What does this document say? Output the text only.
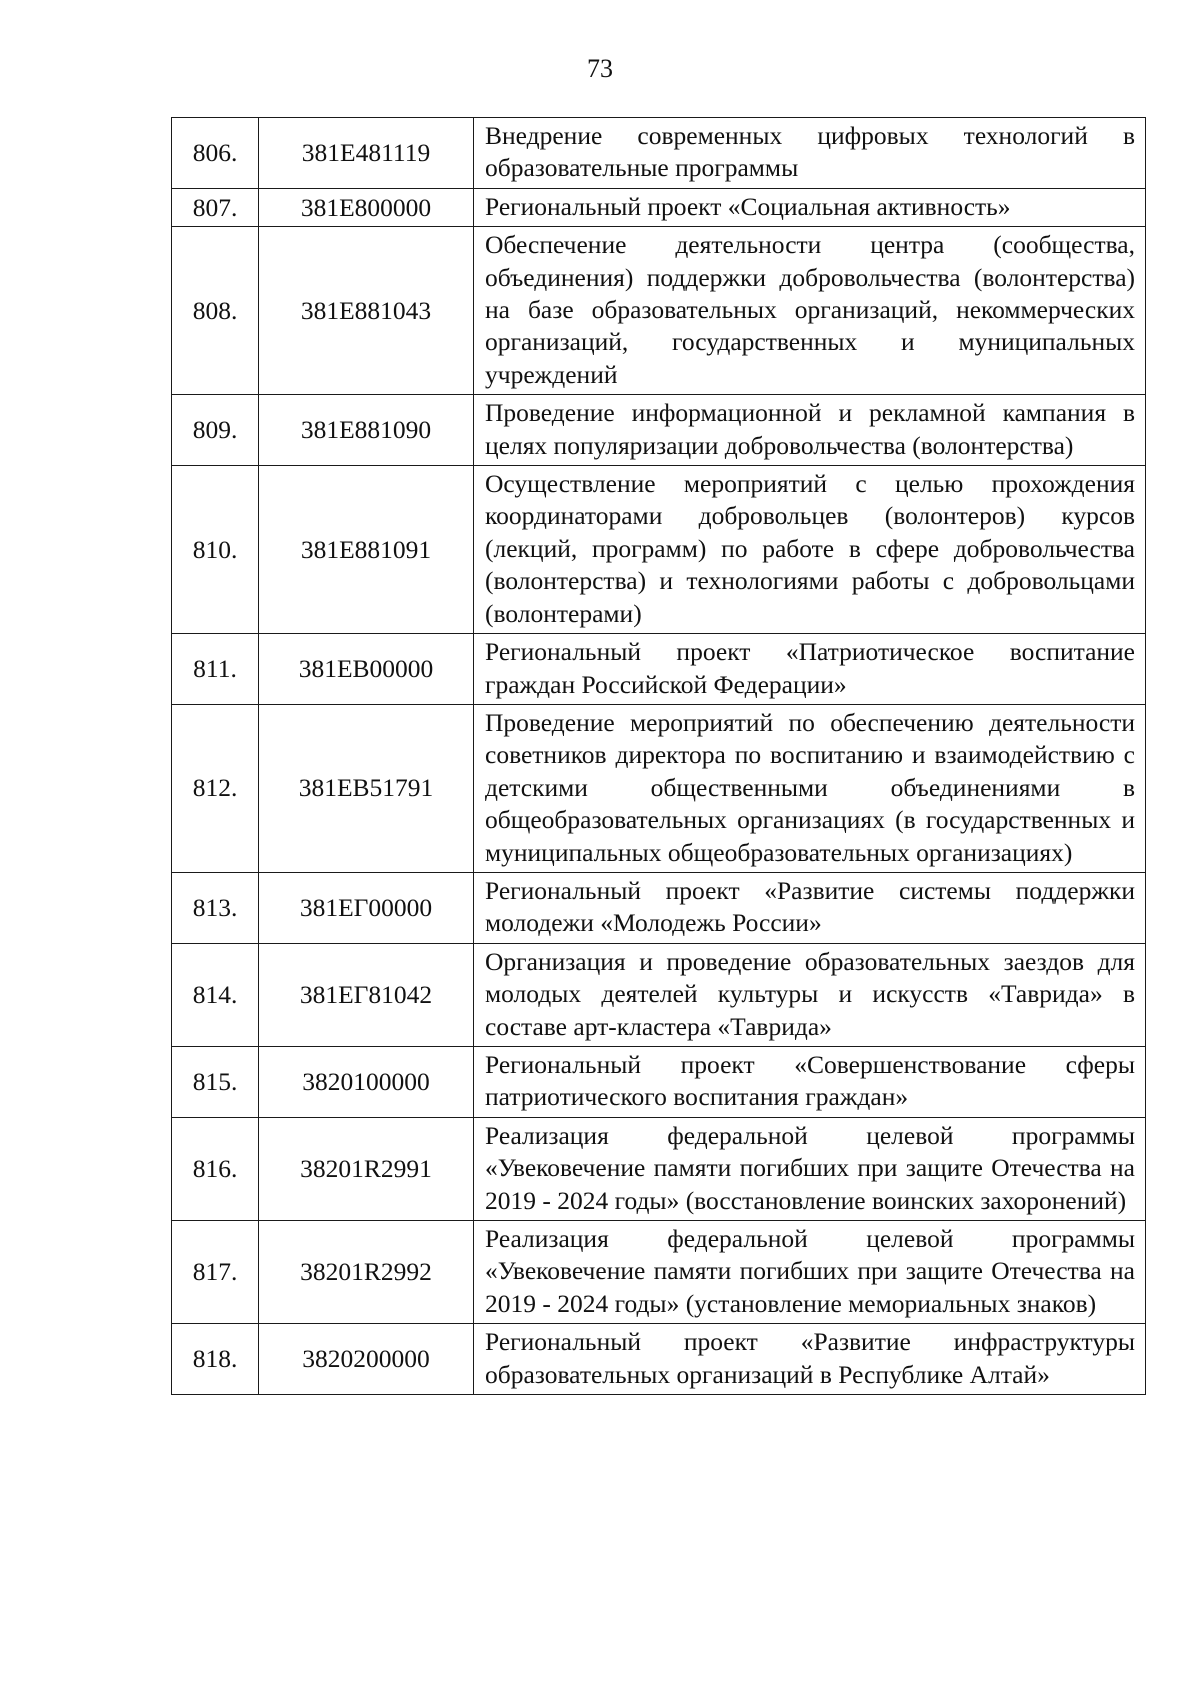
73
806.	381E481119	Внедрение современных цифровых технологий в образовательные программы

807.	381E800000	Региональный проект «Социальная активность»

808.	381E881043	Обеспечение деятельности центра (сообщества, объединения) поддержки добровольчества (волонтерства) на базе образовательных организаций, некоммерческих организаций, государственных и муниципальных учреждений

809.	381E881090	Проведение информационной и рекламной кампания в целях популяризации добровольчества (волонтерства)

810.	381E881091	Осуществление мероприятий с целью прохождения координаторами добровольцев (волонтеров) курсов (лекций, программ) по работе в сфере добровольчества (волонтерства) и технологиями работы с добровольцами (волонтерами)

811.	381EВ00000	Региональный проект «Патриотическое воспитание граждан Российской Федерации»

812.	381EВ51791	Проведение мероприятий по обеспечению деятельности советников директора по воспитанию и взаимодействию с детскими общественными объединениями в общеобразовательных организациях (в государственных и муниципальных общеобразовательных организациях)

813.	381EГ00000	Региональный проект «Развитие системы поддержки молодежи «Молодежь России»

814.	381EГ81042	Организация и проведение образовательных заездов для молодых деятелей культуры и искусств «Таврида» в составе арт-кластера «Таврида»

815.	3820100000	Региональный проект «Совершенствование сферы патриотического воспитания граждан»

816.	38201R2991	Реализация федеральной целевой программы «Увековечение памяти погибших при защите Отечества на 2019 - 2024 годы» (восстановление воинских захоронений)

817.	38201R2992	Реализация федеральной целевой программы «Увековечение памяти погибших при защите Отечества на 2019 - 2024 годы» (установление мемориальных знаков)

818.	3820200000	Региональный проект «Развитие инфраструктуры образовательных организаций в Республике Алтай»
